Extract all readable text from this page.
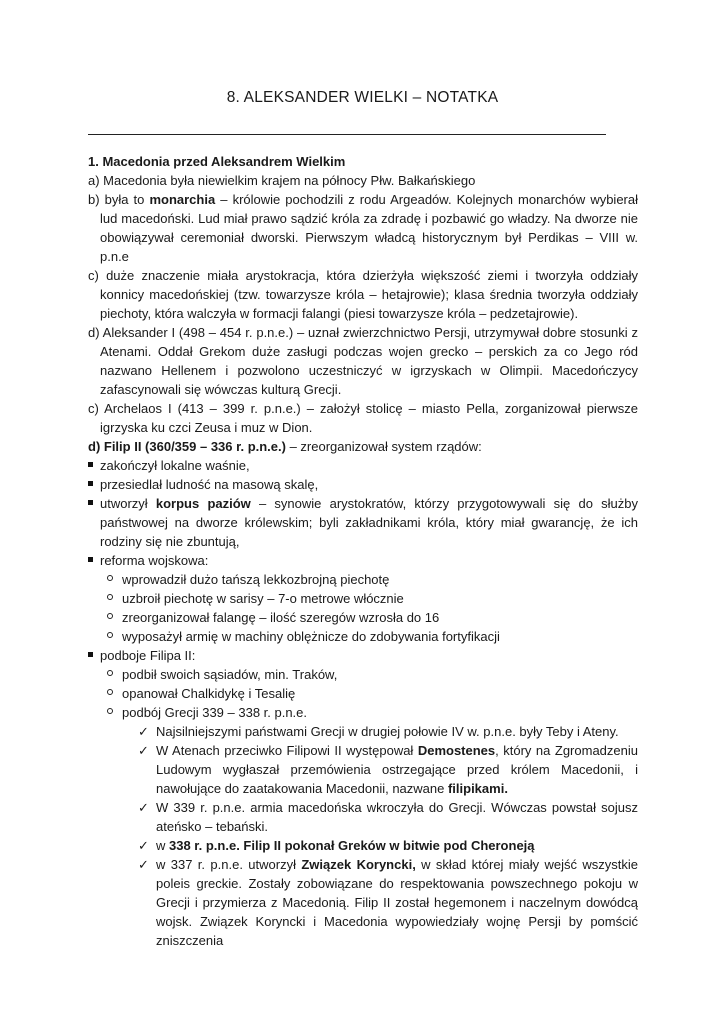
8. ALEKSANDER WIELKI – NOTATKA
1. Macedonia przed Aleksandrem Wielkim
a) Macedonia była niewielkim krajem na północy Płw. Bałkańskiego
b) była to monarchia – królowie pochodzili z rodu Argeadów. Kolejnych monarchów wybierał lud macedoński. Lud miał prawo sądzić króla za zdradę i pozbawić go władzy. Na dworze nie obowiązywał ceremoniał dworski. Pierwszym władcą historycznym był Perdikas – VIII w. p.n.e
c) duże znaczenie miała arystokracja, która dzierżyła większość ziemi i tworzyła oddziały konnicy macedońskiej (tzw. towarzysze króla – hetajrowie); klasa średnia tworzyła oddziały piechoty, która walczyła w formacji falangi (piesi towarzysze króla – pedzetajrowie).
d) Aleksander I (498 – 454 r. p.n.e.) – uznał zwierzchnictwo Persji, utrzymywał dobre stosunki z Atenami. Oddał Grekom duże zasługi podczas wojen grecko – perskich za co Jego ród nazwano Hellenem i pozwolono uczestniczyć w igrzyskach w Olimpii. Macedończycy zafascynowali się wówczas kulturą Grecji.
c) Archelaos I (413 – 399 r. p.n.e.) – założył stolicę – miasto Pella, zorganizował pierwsze igrzyska ku czci Zeusa i muz w Dion.
d) Filip II (360/359 – 336 r. p.n.e.) – zreorganizował system rządów:
zakończył lokalne waśnie,
przesiedlał ludność na masową skalę,
utworzył korpus paziów – synowie arystokratów, którzy przygotowywali się do służby państwowej na dworze królewskim; byli zakładnikami króla, który miał gwarancję, że ich rodziny się nie zbuntują,
reforma wojskowa:
wprowadził dużo tańszą lekkozbrojną piechotę
uzbroił piechotę w sarisy – 7-o metrowe włócznie
zreorganizował falangę – ilość szeregów wzrosła do 16
wyposażył armię w machiny oblężnicze do zdobywania fortyfikacji
podboje Filipa II:
podbił swoich sąsiadów, min. Traków,
opanował Chalkidykę i Tesalię
podbój Grecji 339 – 338 r. p.n.e.
✓ Najsilniejszymi państwami Grecji w drugiej połowie IV w. p.n.e. były Teby i Ateny.
✓ W Atenach przeciwko Filipowi II występował Demostenes, który na Zgromadzeniu Ludowym wygłaszał przemówienia ostrzegające przed królem Macedonii, i nawołujące do zaatakowania Macedonii, nazwane filipikami.
✓ W 339 r. p.n.e. armia macedońska wkroczyła do Grecji. Wówczas powstał sojusz ateńsko – tebański.
✓ w 338 r. p.n.e. Filip II pokonał Greków w bitwie pod Cheroneją
✓ w 337 r. p.n.e. utworzył Związek Koryncki, w skład której miały wejść wszystkie poleis greckie. Zostały zobowiązane do respektowania powszechnego pokoju w Grecji i przymierza z Macedonią. Filip II został hegemonem i naczelnym dowódcą wojsk. Związek Koryncki i Macedonia wypowiedziały wojnę Persji by pomścić zniszczenia
